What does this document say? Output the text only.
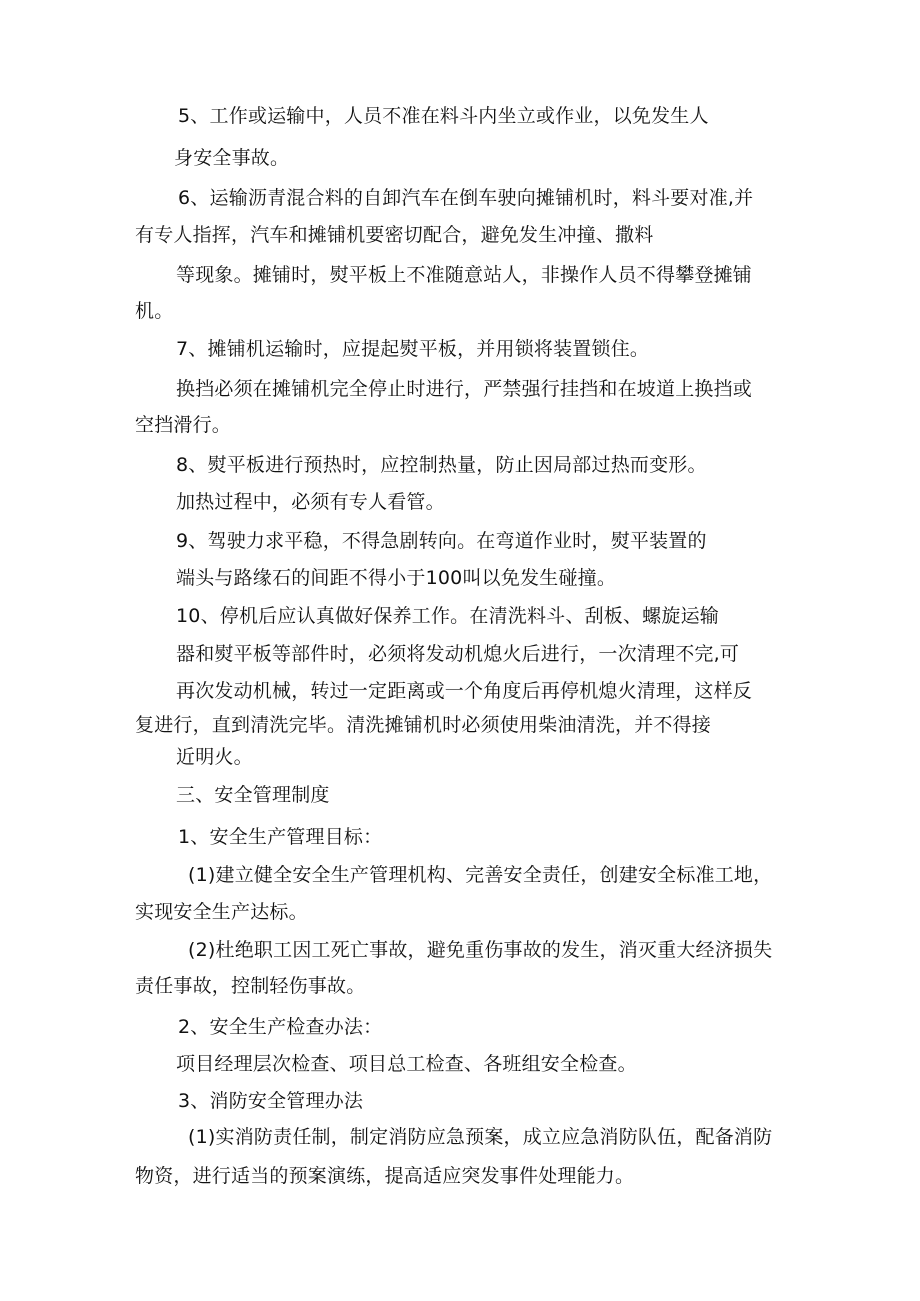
5、工作或运输中，人员不准在料斗内坐立或作业，以免发生人
身安全事故。
6、运输沥青混合料的自卸汽车在倒车驶向摊铺机时，料斗要对准,并
有专人指挥，汽车和摊铺机要密切配合，避免发生冲撞、撒料
等现象。摊铺时，熨平板上不准随意站人，非操作人员不得攀登摊铺
机。
7、摊铺机运输时，应提起熨平板，并用锁将装置锁住。
换挡必须在摊铺机完全停止时进行，严禁强行挂挡和在坡道上换挡或
空挡滑行。
8、熨平板进行预热时，应控制热量，防止因局部过热而变形。
加热过程中，必须有专人看管。
9、驾驶力求平稳，不得急剧转向。在弯道作业时，熨平装置的
端头与路缘石的间距不得小于100叫以免发生碰撞。
10、停机后应认真做好保养工作。在清洗料斗、刮板、螺旋运输
器和熨平板等部件时，必须将发动机熄火后进行，一次清理不完,可
再次发动机械，转过一定距离或一个角度后再停机熄火清理，这样反
复进行，直到清洗完毕。清洗摊铺机时必须使用柴油清洗，并不得接
近明火。
三、安全管理制度
1、安全生产管理目标：
(1)建立健全安全生产管理机构、完善安全责任，创建安全标准工地，
实现安全生产达标。
(2)杜绝职工因工死亡事故，避免重伤事故的发生，消灭重大经济损失
责任事故，控制轻伤事故。
2、安全生产检查办法：
项目经理层次检查、项目总工检查、各班组安全检查。
3、消防安全管理办法
(1)实消防责任制，制定消防应急预案，成立应急消防队伍，配备消防
物资，进行适当的预案演练，提高适应突发事件处理能力。
